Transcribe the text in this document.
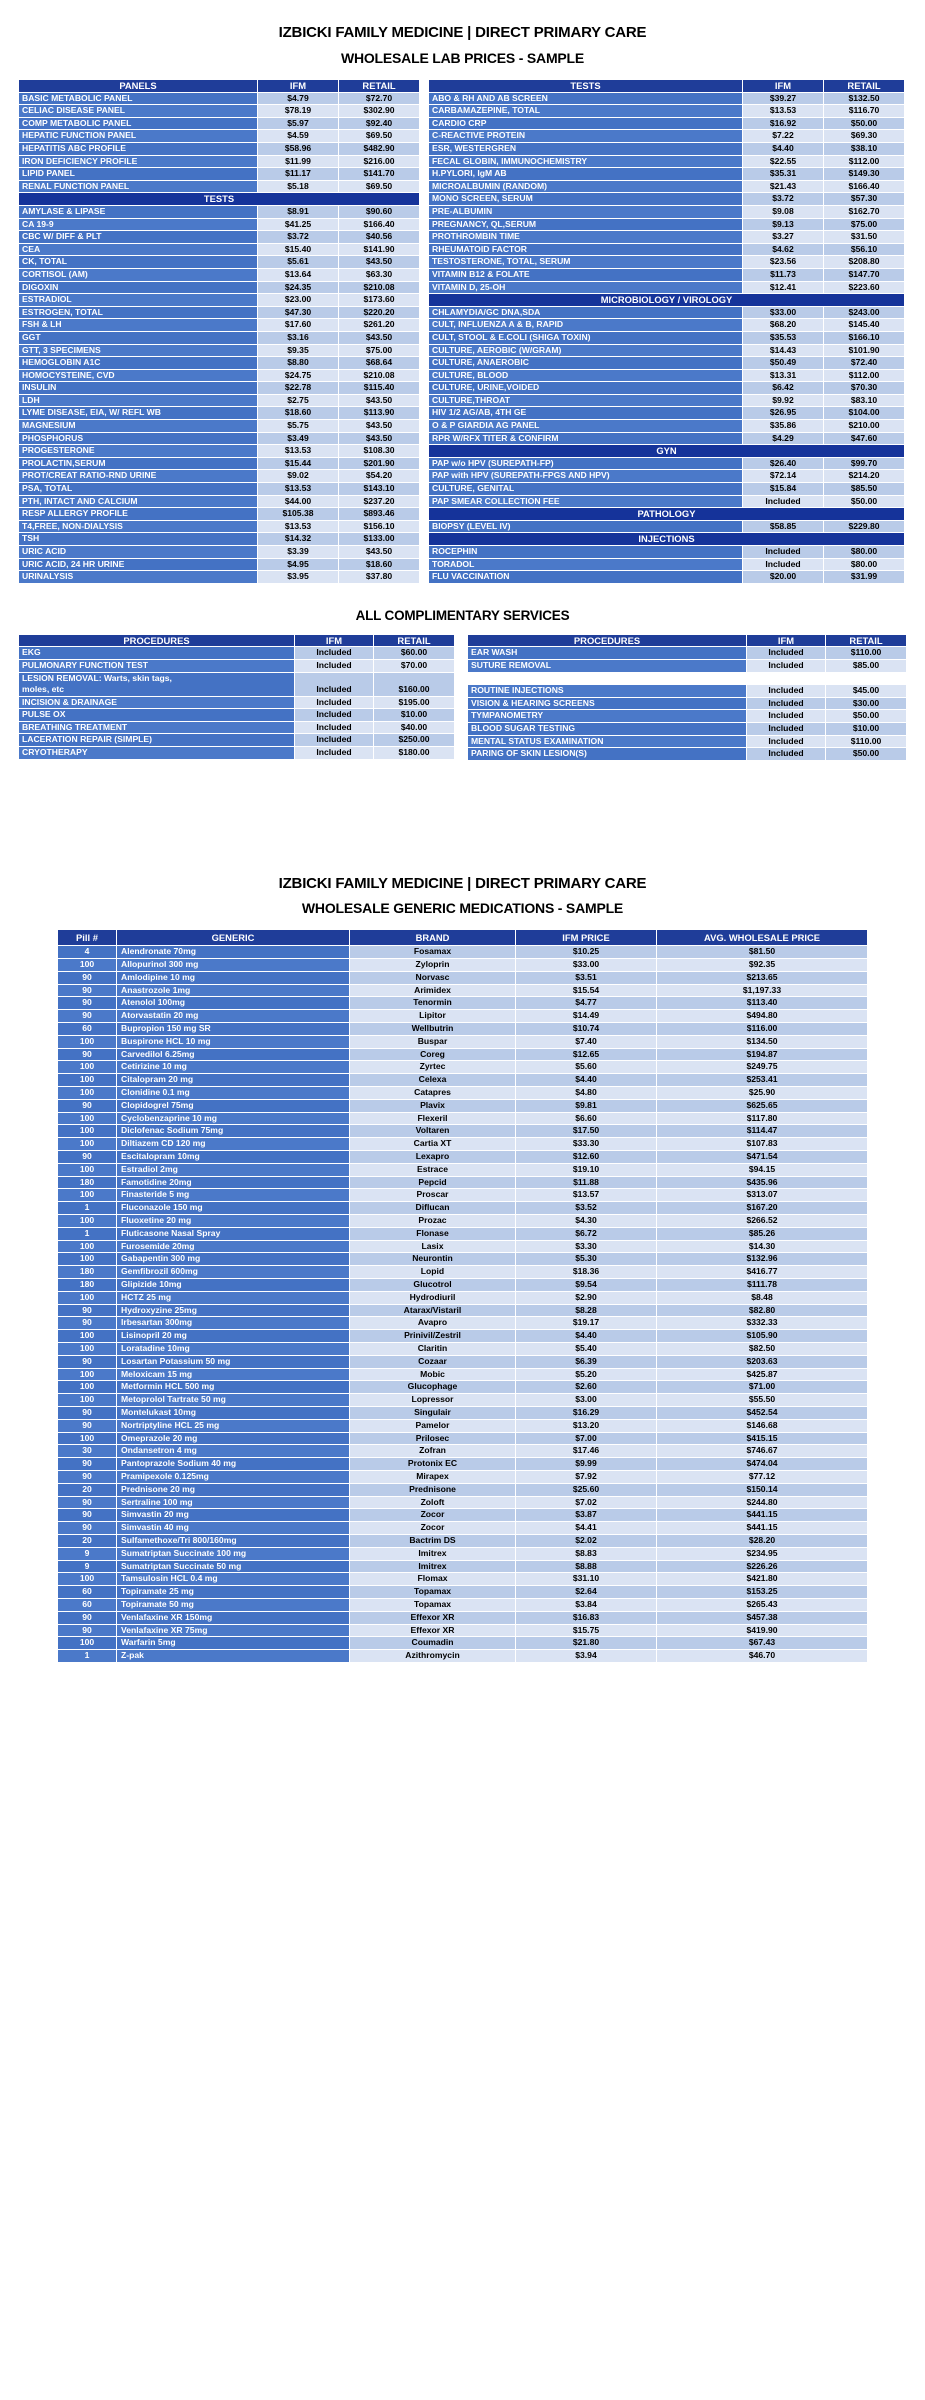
IZBICKI FAMILY MEDICINE | DIRECT PRIMARY CARE
WHOLESALE LAB PRICES - SAMPLE
PANELS	IFM	RETAIL
BASIC METABOLIC PANEL	$4.79	$72.70
CELIAC DISEASE PANEL	$78.19	$302.90
COMP METABOLIC PANEL	$5.97	$92.40
HEPATIC FUNCTION PANEL	$4.59	$69.50
HEPATITIS ABC PROFILE	$58.96	$482.90
IRON DEFICIENCY PROFILE	$11.99	$216.00
LIPID PANEL	$11.17	$141.70
RENAL FUNCTION PANEL	$5.18	$69.50
TESTS		
AMYLASE & LIPASE	$8.91	$90.60
CA 19-9	$41.25	$166.40
CBC W/ DIFF & PLT	$3.72	$40.56
CEA	$15.40	$141.90
CK, TOTAL	$5.61	$43.50
CORTISOL (AM)	$13.64	$63.30
DIGOXIN	$24.35	$210.08
ESTRADIOL	$23.00	$173.60
ESTROGEN, TOTAL	$47.30	$220.20
FSH & LH	$17.60	$261.20
GGT	$3.16	$43.50
GTT, 3 SPECIMENS	$9.35	$75.00
HEMOGLOBIN A1C	$8.80	$68.64
HOMOCYSTEINE, CVD	$24.75	$210.08
INSULIN	$22.78	$115.40
LDH	$2.75	$43.50
LYME DISEASE, EIA, W/ REFL WB	$18.60	$113.90
MAGNESIUM	$5.75	$43.50
PHOSPHORUS	$3.49	$43.50
PROGESTERONE	$13.53	$108.30
PROLACTIN,SERUM	$15.44	$201.90
PROT/CREAT RATIO-RND URINE	$9.02	$54.20
PSA, TOTAL	$13.53	$143.10
PTH, INTACT AND CALCIUM	$44.00	$237.20
RESP ALLERGY PROFILE	$105.38	$893.46
T4,FREE, NON-DIALYSIS	$13.53	$156.10
TSH	$14.32	$133.00
URIC ACID	$3.39	$43.50
URIC ACID, 24 HR URINE	$4.95	$18.60
URINALYSIS	$3.95	$37.80
TESTS	IFM	RETAIL
ABO & RH AND AB SCREEN	$39.27	$132.50
CARBAMAZEPINE, TOTAL	$13.53	$116.70
CARDIO CRP	$16.92	$50.00
C-REACTIVE PROTEIN	$7.22	$69.30
ESR, WESTERGREN	$4.40	$38.10
FECAL GLOBIN, IMMUNOCHEMISTRY	$22.55	$112.00
H.PYLORI, IgM AB	$35.31	$149.30
MICROALBUMIN (RANDOM)	$21.43	$166.40
MONO SCREEN, SERUM	$3.72	$57.30
PRE-ALBUMIN	$9.08	$162.70
PREGNANCY, QL,SERUM	$9.13	$75.00
PROTHROMBIN TIME	$3.27	$31.50
RHEUMATOID FACTOR	$4.62	$56.10
TESTOSTERONE, TOTAL, SERUM	$23.56	$208.80
VITAMIN B12 & FOLATE	$11.73	$147.70
VITAMIN D, 25-OH	$12.41	$223.60
MICROBIOLOGY / VIROLOGY		
CHLAMYDIA/GC DNA,SDA	$33.00	$243.00
CULT, INFLUENZA A & B, RAPID	$68.20	$145.40
CULT, STOOL & E.COLI (SHIGA TOXIN)	$35.53	$166.10
CULTURE, AEROBIC (W/GRAM)	$14.43	$101.90
CULTURE, ANAEROBIC	$50.49	$72.40
CULTURE, BLOOD	$13.31	$112.00
CULTURE, URINE,VOIDED	$6.42	$70.30
CULTURE,THROAT	$9.92	$83.10
HIV 1/2 AG/AB, 4TH GE	$26.95	$104.00
O & P GIARDIA AG PANEL	$35.86	$210.00
RPR W/RFX TITER & CONFIRM	$4.29	$47.60
GYN		
PAP w/o HPV (SUREPATH-FP)	$26.40	$99.70
PAP with HPV (SUREPATH-FPGS AND HPV)	$72.14	$214.20
CULTURE, GENITAL	$15.84	$85.50
PAP SMEAR COLLECTION FEE	Included	$50.00
PATHOLOGY		
BIOPSY (LEVEL IV)	$58.85	$229.80
INJECTIONS		
ROCEPHIN	Included	$80.00
TORADOL	Included	$80.00
FLU VACCINATION	$20.00	$31.99
ALL COMPLIMENTARY SERVICES
PROCEDURES	IFM	RETAIL
EKG	Included	$60.00
PULMONARY FUNCTION TEST	Included	$70.00
LESION REMOVAL: Warts, skin tags,
moles, etc	Included	$160.00
INCISION & DRAINAGE	Included	$195.00
PULSE OX	Included	$10.00
BREATHING TREATMENT	Included	$40.00
LACERATION REPAIR (SIMPLE)	Included	$250.00
CRYOTHERAPY	Included	$180.00
PROCEDURES	IFM	RETAIL
EAR WASH	Included	$110.00
SUTURE REMOVAL	Included	$85.00

ROUTINE INJECTIONS	Included	$45.00
VISION & HEARING SCREENS	Included	$30.00
TYMPANOMETRY	Included	$50.00
BLOOD SUGAR TESTING	Included	$10.00
MENTAL STATUS EXAMINATION	Included	$110.00
PARING OF SKIN LESION(S)	Included	$50.00
IZBICKI FAMILY MEDICINE | DIRECT PRIMARY CARE
WHOLESALE GENERIC MEDICATIONS - SAMPLE
Pill #	GENERIC	BRAND	IFM PRICE	AVG. WHOLESALE PRICE
4	Alendronate 70mg	Fosamax	$10.25	$81.50
100	Allopurinol 300 mg	Zyloprin	$33.00	$92.35
90	Amlodipine 10 mg	Norvasc	$3.51	$213.65
90	Anastrozole 1mg	Arimidex	$15.54	$1,197.33
90	Atenolol 100mg	Tenormin	$4.77	$113.40
90	Atorvastatin 20 mg	Lipitor	$14.49	$494.80
60	Bupropion 150 mg SR	Wellbutrin	$10.74	$116.00
100	Buspirone HCL 10 mg	Buspar	$7.40	$134.50
90	Carvedilol 6.25mg	Coreg	$12.65	$194.87
100	Cetirizine 10 mg	Zyrtec	$5.60	$249.75
100	Citalopram 20 mg	Celexa	$4.40	$253.41
100	Clonidine 0.1 mg	Catapres	$4.80	$25.90
90	Clopidogrel 75mg	Plavix	$9.81	$625.65
100	Cyclobenzaprine 10 mg	Flexeril	$6.60	$117.80
100	Diclofenac Sodium 75mg	Voltaren	$17.50	$114.47
100	Diltiazem CD 120 mg	Cartia XT	$33.30	$107.83
90	Escitalopram 10mg	Lexapro	$12.60	$471.54
100	Estradiol 2mg	Estrace	$19.10	$94.15
180	Famotidine 20mg	Pepcid	$11.88	$435.96
100	Finasteride 5 mg	Proscar	$13.57	$313.07
1	Fluconazole 150 mg	Diflucan	$3.52	$167.20
100	Fluoxetine 20 mg	Prozac	$4.30	$266.52
1	Fluticasone Nasal Spray	Flonase	$6.72	$85.26
100	Furosemide 20mg	Lasix	$3.30	$14.30
100	Gabapentin 300 mg	Neurontin	$5.30	$132.96
180	Gemfibrozil 600mg	Lopid	$18.36	$416.77
180	Glipizide 10mg	Glucotrol	$9.54	$111.78
100	HCTZ 25 mg	Hydrodiuril	$2.90	$8.48
90	Hydroxyzine 25mg	Atarax/Vistaril	$8.28	$82.80
90	Irbesartan 300mg	Avapro	$19.17	$332.33
100	Lisinopril 20 mg	Prinivil/Zestril	$4.40	$105.90
100	Loratadine 10mg	Claritin	$5.40	$82.50
90	Losartan Potassium 50 mg	Cozaar	$6.39	$203.63
100	Meloxicam 15 mg	Mobic	$5.20	$425.87
100	Metformin HCL 500 mg	Glucophage	$2.60	$71.00
100	Metoprolol Tartrate 50 mg	Lopressor	$3.00	$55.50
90	Montelukast 10mg	Singulair	$16.29	$452.54
90	Nortriptyline HCL 25 mg	Pamelor	$13.20	$146.68
100	Omeprazole 20 mg	Prilosec	$7.00	$415.15
30	Ondansetron 4 mg	Zofran	$17.46	$746.67
90	Pantoprazole Sodium 40 mg	Protonix EC	$9.99	$474.04
90	Pramipexole 0.125mg	Mirapex	$7.92	$77.12
20	Prednisone 20 mg	Prednisone	$25.60	$150.14
90	Sertraline 100 mg	Zoloft	$7.02	$244.80
90	Simvastin 20 mg	Zocor	$3.87	$441.15
90	Simvastin 40 mg	Zocor	$4.41	$441.15
20	Sulfamethoxe/Tri 800/160mg	Bactrim DS	$2.02	$28.20
9	Sumatriptan Succinate 100 mg	Imitrex	$8.83	$234.95
9	Sumatriptan Succinate 50 mg	Imitrex	$8.88	$226.26
100	Tamsulosin HCL 0.4 mg	Flomax	$31.10	$421.80
60	Topiramate 25 mg	Topamax	$2.64	$153.25
60	Topiramate 50 mg	Topamax	$3.84	$265.43
90	Venlafaxine XR 150mg	Effexor XR	$16.83	$457.38
90	Venlafaxine XR 75mg	Effexor XR	$15.75	$419.90
100	Warfarin 5mg	Coumadin	$21.80	$67.43
1	Z-pak	Azithromycin	$3.94	$46.70
